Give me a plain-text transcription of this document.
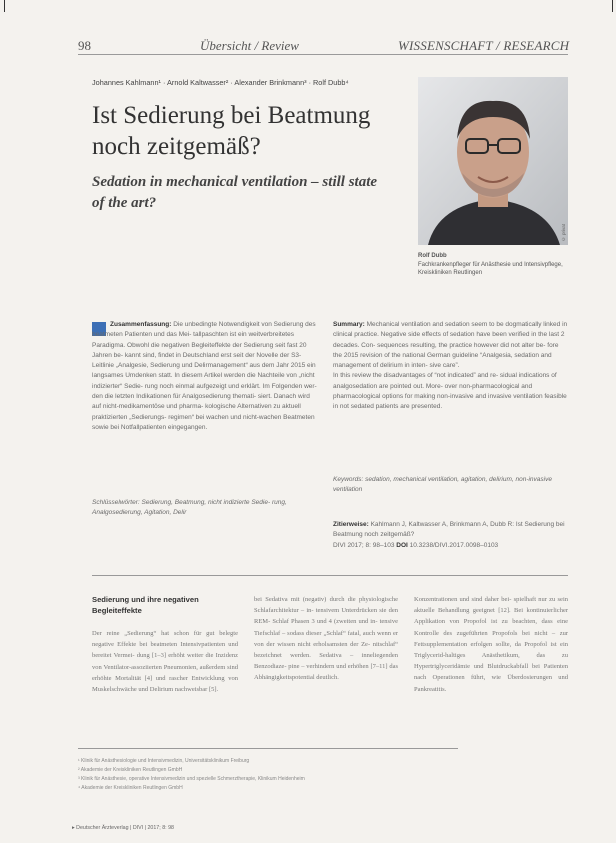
98	Übersicht / Review	WISSENSCHAFT / RESEARCH
Johannes Kahlmann¹ · Arnold Kaltwasser² · Alexander Brinkmann³ · Rolf Dubb⁴
Ist Sedierung bei Beatmung noch zeitgemäß?
Sedation in mechanical ventilation – still state of the art?
© privat
Rolf Dubb
Fachkrankenpfleger für Anästhesie und Intensivpflege, Kreiskliniken Reutlingen

Zusammenfassung: Die unbedingte Notwendigkeit von Sedierung des beatmeten Patienten und das Mei- tallpaschten ist ein weitverbreitetes Paradigma. Obwohl die negativen Begleiteffekte der Sedierung seit fast 20 Jahren be- kannt sind, findet in Deutschland erst seit der Novelle der S3-Leitlinie „Analgesie, Sedierung und Delirmanagement“ aus dem Jahr 2015 ein langsames Umdenken statt. In diesem Artikel werden die Nachteile von „nicht indizierter“ Sedie- rung noch einmal aufgezeigt und erklärt. Im Folgenden wer- den die letzten Indikationen für Analgosedierung themati- siert. Danach wird auf nicht-medikamentöse und pharma- kologische Alternativen zu aktuell praktizierten „Sedierungs- regimen“ bei wachen und nicht-wachen Beatmeten sowie bei Notfallpatienten eingegangen.

Schlüsselwörter: Sedierung, Beatmung, nicht indizierte Sedie- rung, Analgosedierung, Agitation, Delir

Summary: Mechanical ventilation and sedation seem to be dogmatically linked in clinical practice. Negative side effects of sedation have been verified in the last 2 decades. Con- sequences resulting, the practice however did not alter be- fore the 2015 revision of the national German guideline “Analgesia, sedation and management of delirium in inten- sive care”.

In this review the disadvantages of “not indicated” and re- sidual indications of analgosedation are pointed out. More- over non-pharmacological and pharmacological options for making non-invasive and invasive ventilation feasible in not sedated patients are presented.

Keywords: sedation, mechanical ventilation, agitation, delirium, non-invasive ventilation
Zitierweise: Kahlmann J, Kaltwasser A, Brinkmann A, Dubb R: Ist Sedierung bei Beatmung noch zeitgemäß?
DIVI 2017; 8: 98–103 DOI 10.3238/DIVI.2017.0098–0103
Sedierung und ihre negativen Begleiteffekte

Der reine „Sedierung“ hat schon für gut belegte negative Effekte bei beatmeten Intensivpatienten und bereitet Vermei- dung [1–3] erhöht weiter die Inzidenz von Ventilator-assoziierten Pneumonien, außerdem sind erhöhte Mortalität [4] und rascher Entwicklung von Muskelschwäche und Delirium nachweisbar [5].

bei Sedativa mit (negativ) durch die physiologische Schlafarchitektur – in- tensivem Unterdrücken sie den REM- Schlaf Phasen 3 und 4 (zweiten und in- tensive Tiefschlaf – sodass dieser „Schlaf“ fatal, auch wenn er von der wissen nicht erholsamsten der Ze- nitschlaf“ bezeichnet werden. Sedativa – inneliegenden Benzodiaze- pine – verhindern und erhöhen [7–11] das Abhängigkeitspotential deutlich.

Konzentrationen und sind daher bei- spielhaft nur zu sein aktuelle Behandlung geeignet [12]. Bei kontinuierlicher Applikation von Propofol ist zu beachten, dass eine Kontrolle des zugeführten Propofols bei nicht – zur Fettsupplementation erfolgen sollte, da Propofol ist ein Triglycerid-haltiges Anästhetikum, das zu Hypertriglyceridämie und Blutdruckabfall bei Patienten nach Operationen führt, wie Überdosierungen und Pankreatitis.

¹ Klinik für Anästhesiologie und Intensivmedizin, Universitätsklinikum Freiburg
² Akademie der Kreiskliniken Reutlingen GmbH
³ Klinik für Anästhesie, operative Intensivmedizin und spezielle Schmerztherapie, Klinikum Heidenheim
⁴ Akademie der Kreiskliniken Reutlingen GmbH
▸ Deutscher Ärzteverlag | DIVI | 2017; 8: 98
